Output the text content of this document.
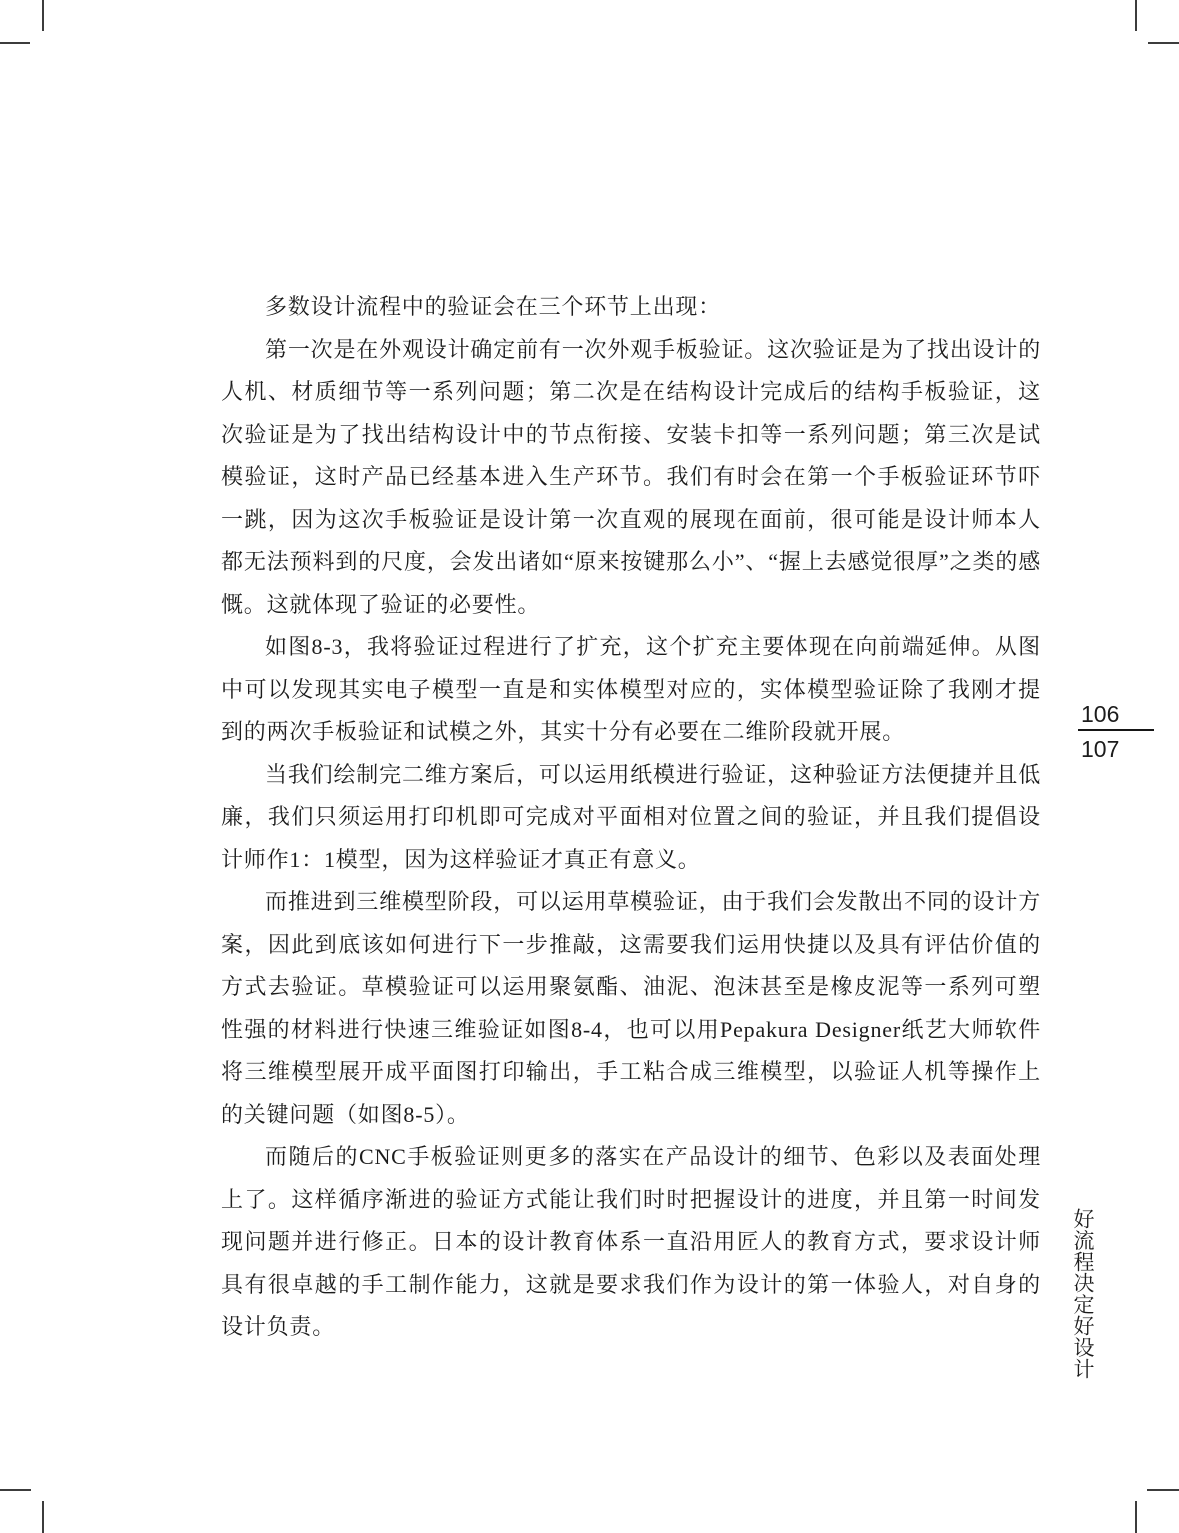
多数设计流程中的验证会在三个环节上出现：

第一次是在外观设计确定前有一次外观手板验证。这次验证是为了找出设计的人机、材质细节等一系列问题；第二次是在结构设计完成后的结构手板验证，这次验证是为了找出结构设计中的节点衔接、安装卡扣等一系列问题；第三次是试模验证，这时产品已经基本进入生产环节。我们有时会在第一个手板验证环节吓一跳，因为这次手板验证是设计第一次直观的展现在面前，很可能是设计师本人都无法预料到的尺度，会发出诸如“原来按键那么小”、“握上去感觉很厚”之类的感慨。这就体现了验证的必要性。

如图8-3，我将验证过程进行了扩充，这个扩充主要体现在向前端延伸。从图中可以发现其实电子模型一直是和实体模型对应的，实体模型验证除了我刚才提到的两次手板验证和试模之外，其实十分有必要在二维阶段就开展。

当我们绘制完二维方案后，可以运用纸模进行验证，这种验证方法便捷并且低廉，我们只须运用打印机即可完成对平面相对位置之间的验证，并且我们提倡设计师作1：1模型，因为这样验证才真正有意义。

而推进到三维模型阶段，可以运用草模验证，由于我们会发散出不同的设计方案，因此到底该如何进行下一步推敲，这需要我们运用快捷以及具有评估价值的方式去验证。草模验证可以运用聚氨酯、油泥、泡沫甚至是橡皮泥等一系列可塑性强的材料进行快速三维验证如图8-4，也可以用Pepakura Designer纸艺大师软件将三维模型展开成平面图打印输出，手工粘合成三维模型，以验证人机等操作上的关键问题（如图8-5）。

而随后的CNC手板验证则更多的落实在产品设计的细节、色彩以及表面处理上了。这样循序渐进的验证方式能让我们时时把握设计的进度，并且第一时间发现问题并进行修正。日本的设计教育体系一直沿用匠人的教育方式，要求设计师具有很卓越的手工制作能力，这就是要求我们作为设计的第一体验人，对自身的设计负责。

106
107
好流程决定好设计
